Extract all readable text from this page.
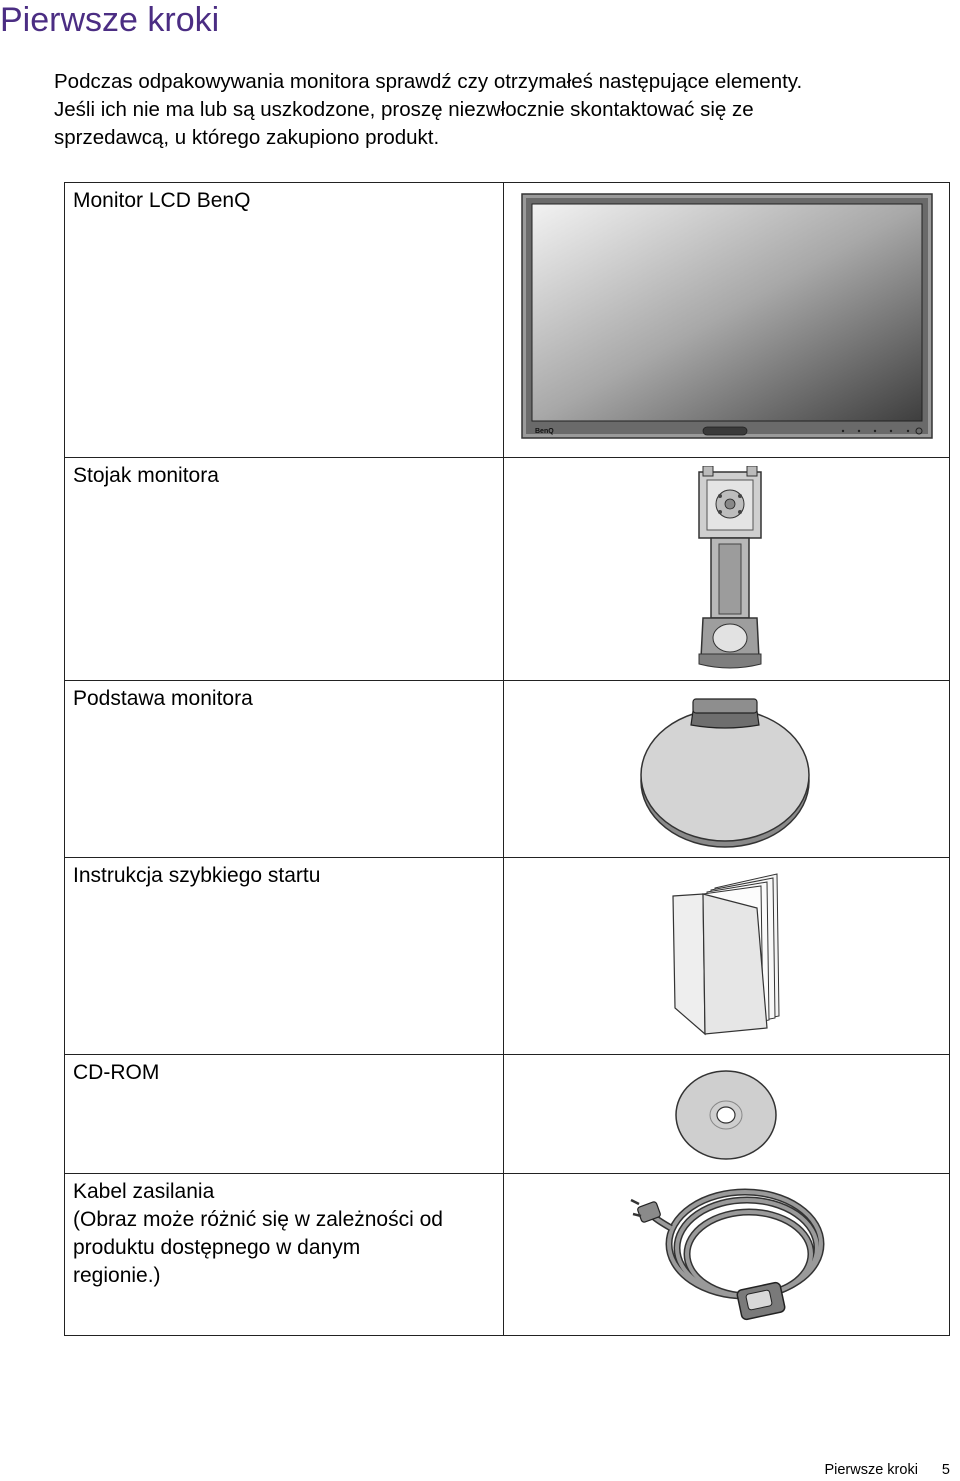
Pierwsze kroki

Podczas odpakowywania monitora sprawdź czy otrzymałeś następujące elementy.
Jeśli ich nie ma lub są uszkodzone, proszę niezwłocznie skontaktować się ze
sprzedawcą, u którego zakupiono produkt.

Monitor LCD BenQ	BenQ

Stojak monitora

Podstawa monitora

Instrukcja szybkiego startu

CD-ROM

Kabel zasilania
(Obraz może różnić się w zależności od
produktu dostępnego w danym
regionie.)

Pierwsze kroki 5
